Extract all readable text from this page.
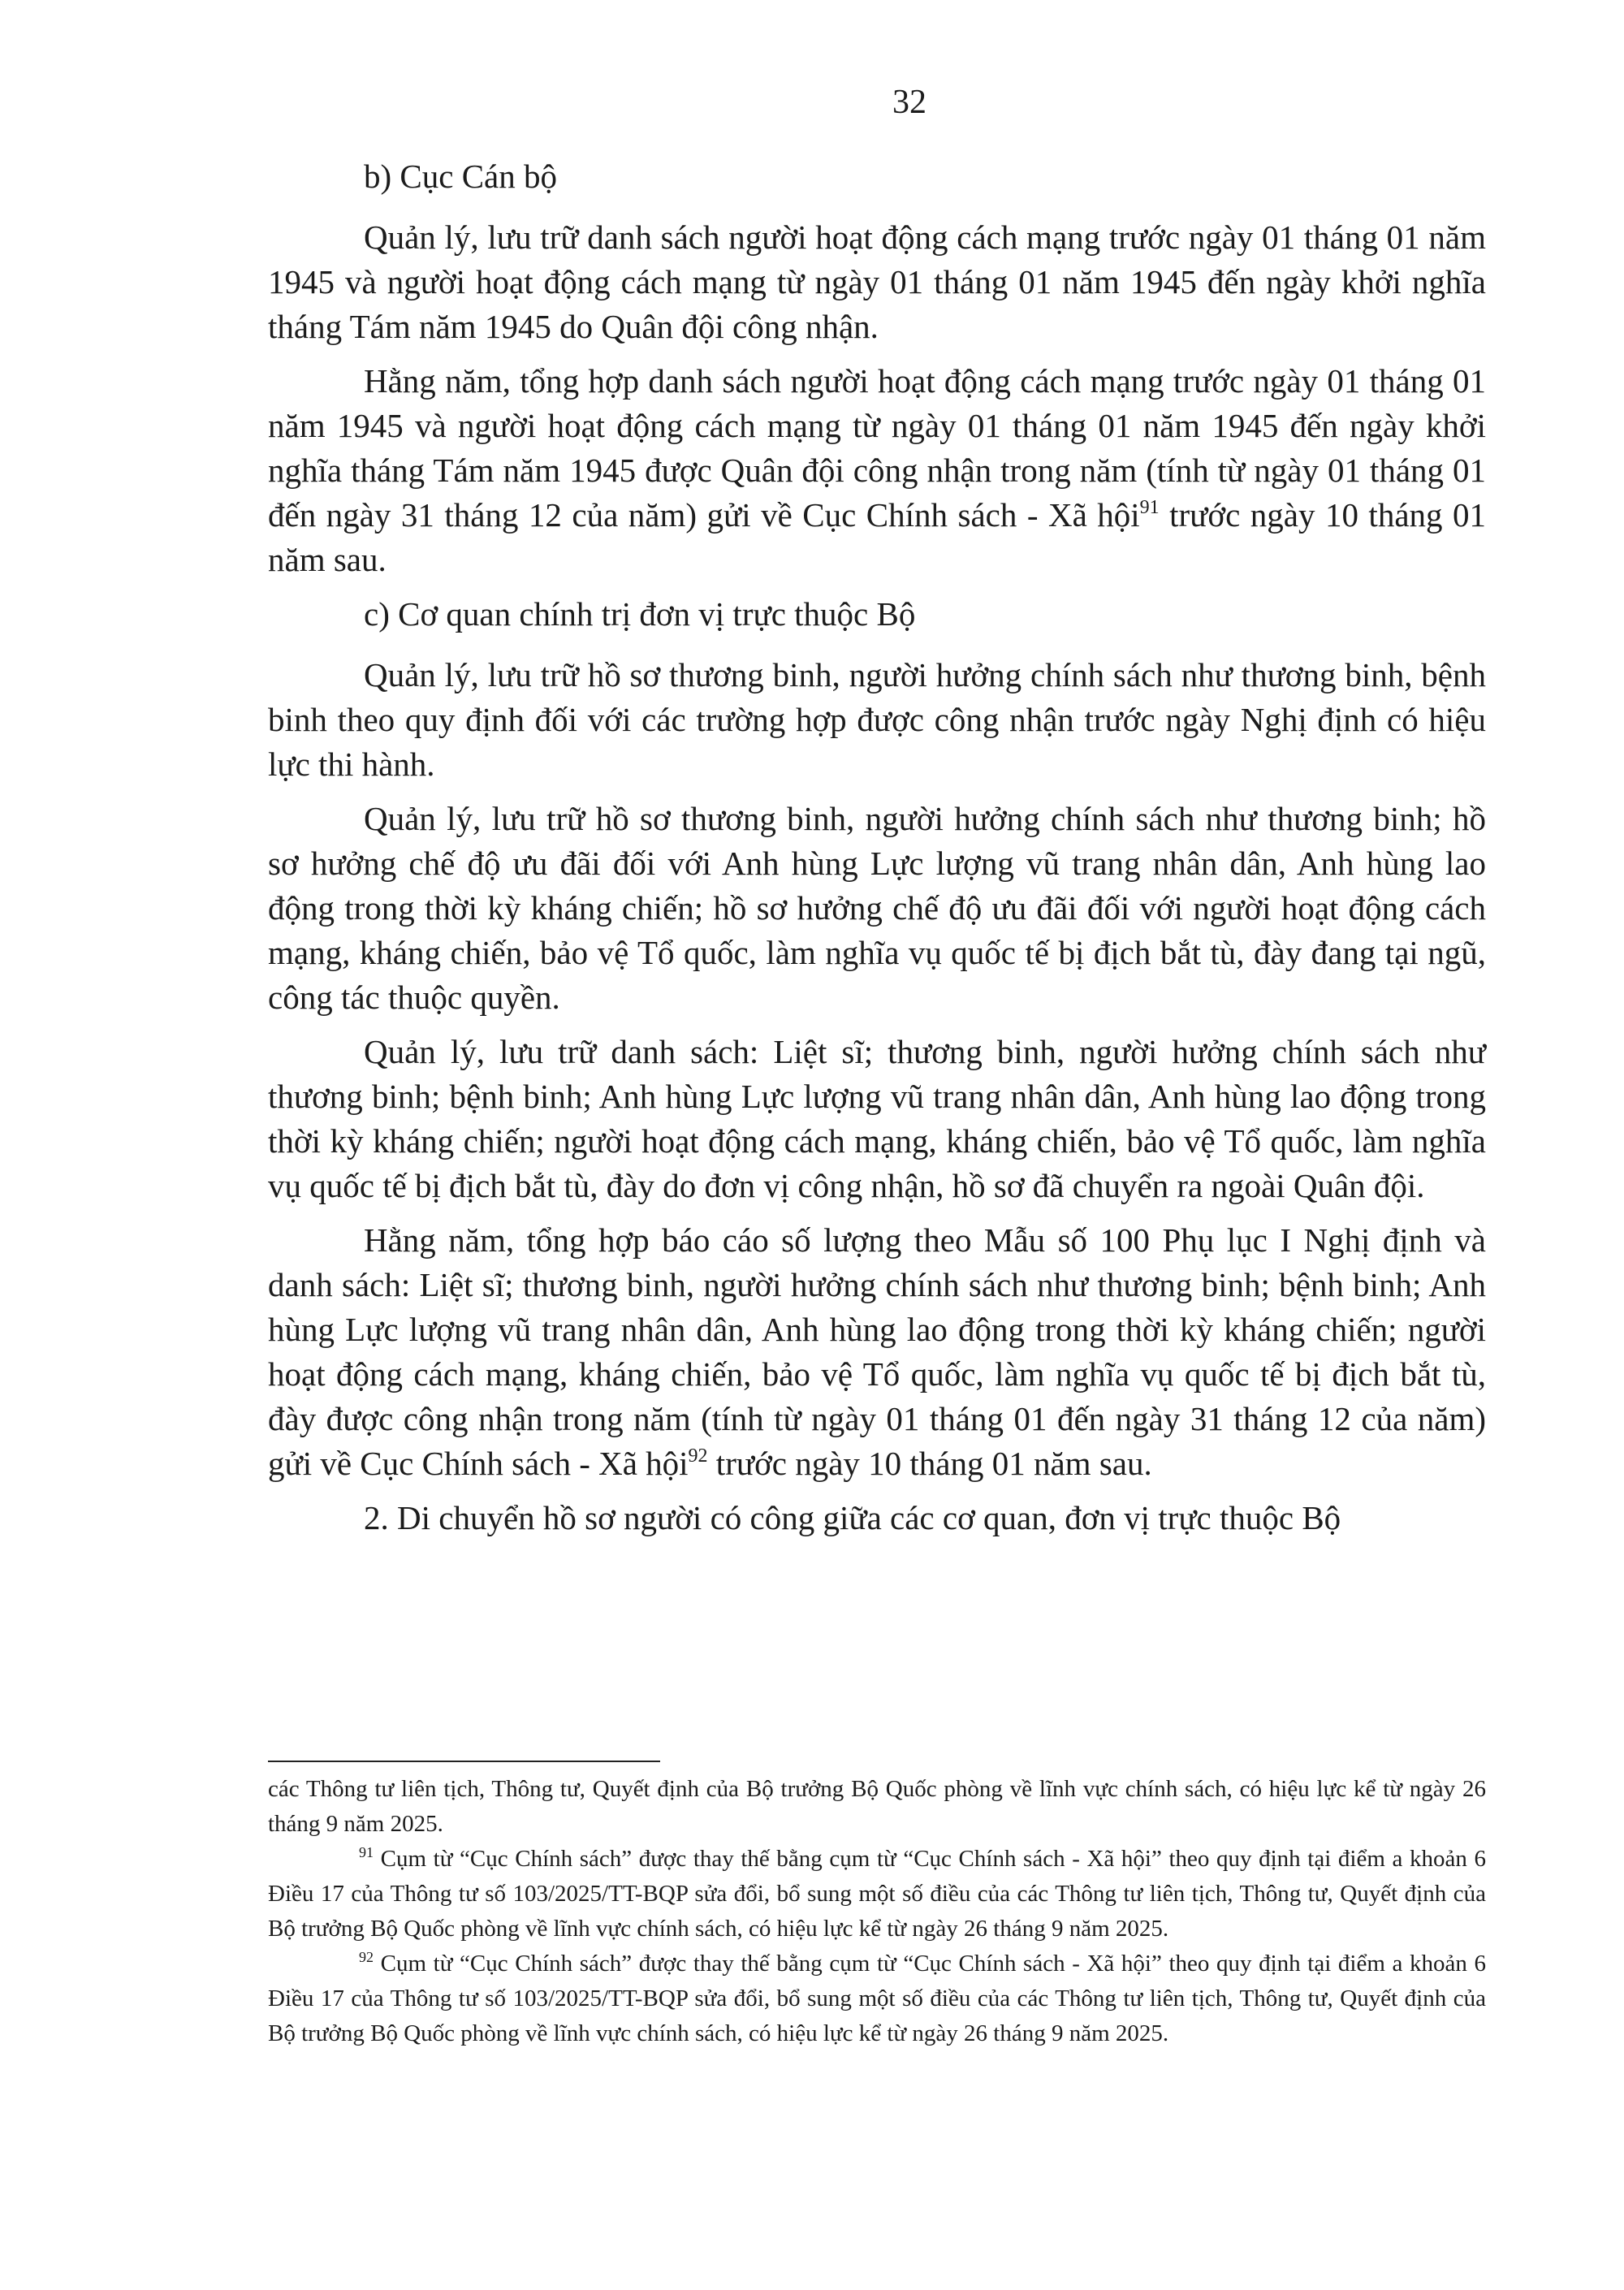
32

b) Cục Cán bộ

Quản lý, lưu trữ danh sách người hoạt động cách mạng trước ngày 01 tháng 01 năm 1945 và người hoạt động cách mạng từ ngày 01 tháng 01 năm 1945 đến ngày khởi nghĩa tháng Tám năm 1945 do Quân đội công nhận.

Hằng năm, tổng hợp danh sách người hoạt động cách mạng trước ngày 01 tháng 01 năm 1945 và người hoạt động cách mạng từ ngày 01 tháng 01 năm 1945 đến ngày khởi nghĩa tháng Tám năm 1945 được Quân đội công nhận trong năm (tính từ ngày 01 tháng 01 đến ngày 31 tháng 12 của năm) gửi về Cục Chính sách - Xã hội$^{91}$ trước ngày 10 tháng 01 năm sau.

c) Cơ quan chính trị đơn vị trực thuộc Bộ

Quản lý, lưu trữ hồ sơ thương binh, người hưởng chính sách như thương binh, bệnh binh theo quy định đối với các trường hợp được công nhận trước ngày Nghị định có hiệu lực thi hành.

Quản lý, lưu trữ hồ sơ thương binh, người hưởng chính sách như thương binh; hồ sơ hưởng chế độ ưu đãi đối với Anh hùng Lực lượng vũ trang nhân dân, Anh hùng lao động trong thời kỳ kháng chiến; hồ sơ hưởng chế độ ưu đãi đối với người hoạt động cách mạng, kháng chiến, bảo vệ Tổ quốc, làm nghĩa vụ quốc tế bị địch bắt tù, đày đang tại ngũ, công tác thuộc quyền.

Quản lý, lưu trữ danh sách: Liệt sĩ; thương binh, người hưởng chính sách như thương binh; bệnh binh; Anh hùng Lực lượng vũ trang nhân dân, Anh hùng lao động trong thời kỳ kháng chiến; người hoạt động cách mạng, kháng chiến, bảo vệ Tổ quốc, làm nghĩa vụ quốc tế bị địch bắt tù, đày do đơn vị công nhận, hồ sơ đã chuyển ra ngoài Quân đội.

Hằng năm, tổng hợp báo cáo số lượng theo Mẫu số 100 Phụ lục I Nghị định và danh sách: Liệt sĩ; thương binh, người hưởng chính sách như thương binh; bệnh binh; Anh hùng Lực lượng vũ trang nhân dân, Anh hùng lao động trong thời kỳ kháng chiến; người hoạt động cách mạng, kháng chiến, bảo vệ Tổ quốc, làm nghĩa vụ quốc tế bị địch bắt tù, đày được công nhận trong năm (tính từ ngày 01 tháng 01 đến ngày 31 tháng 12 của năm) gửi về Cục Chính sách - Xã hội$^{92}$ trước ngày 10 tháng 01 năm sau.

2. Di chuyển hồ sơ người có công giữa các cơ quan, đơn vị trực thuộc Bộ

các Thông tư liên tịch, Thông tư, Quyết định của Bộ trưởng Bộ Quốc phòng về lĩnh vực chính sách, có hiệu lực kể từ ngày 26 tháng 9 năm 2025.

$^{91}$ Cụm từ “Cục Chính sách” được thay thế bằng cụm từ “Cục Chính sách - Xã hội” theo quy định tại điểm a khoản 6 Điều 17 của Thông tư số 103/2025/TT-BQP sửa đổi, bổ sung một số điều của các Thông tư liên tịch, Thông tư, Quyết định của Bộ trưởng Bộ Quốc phòng về lĩnh vực chính sách, có hiệu lực kể từ ngày 26 tháng 9 năm 2025.

$^{92}$ Cụm từ “Cục Chính sách” được thay thế bằng cụm từ “Cục Chính sách - Xã hội” theo quy định tại điểm a khoản 6 Điều 17 của Thông tư số 103/2025/TT-BQP sửa đổi, bổ sung một số điều của các Thông tư liên tịch, Thông tư, Quyết định của Bộ trưởng Bộ Quốc phòng về lĩnh vực chính sách, có hiệu lực kể từ ngày 26 tháng 9 năm 2025.
